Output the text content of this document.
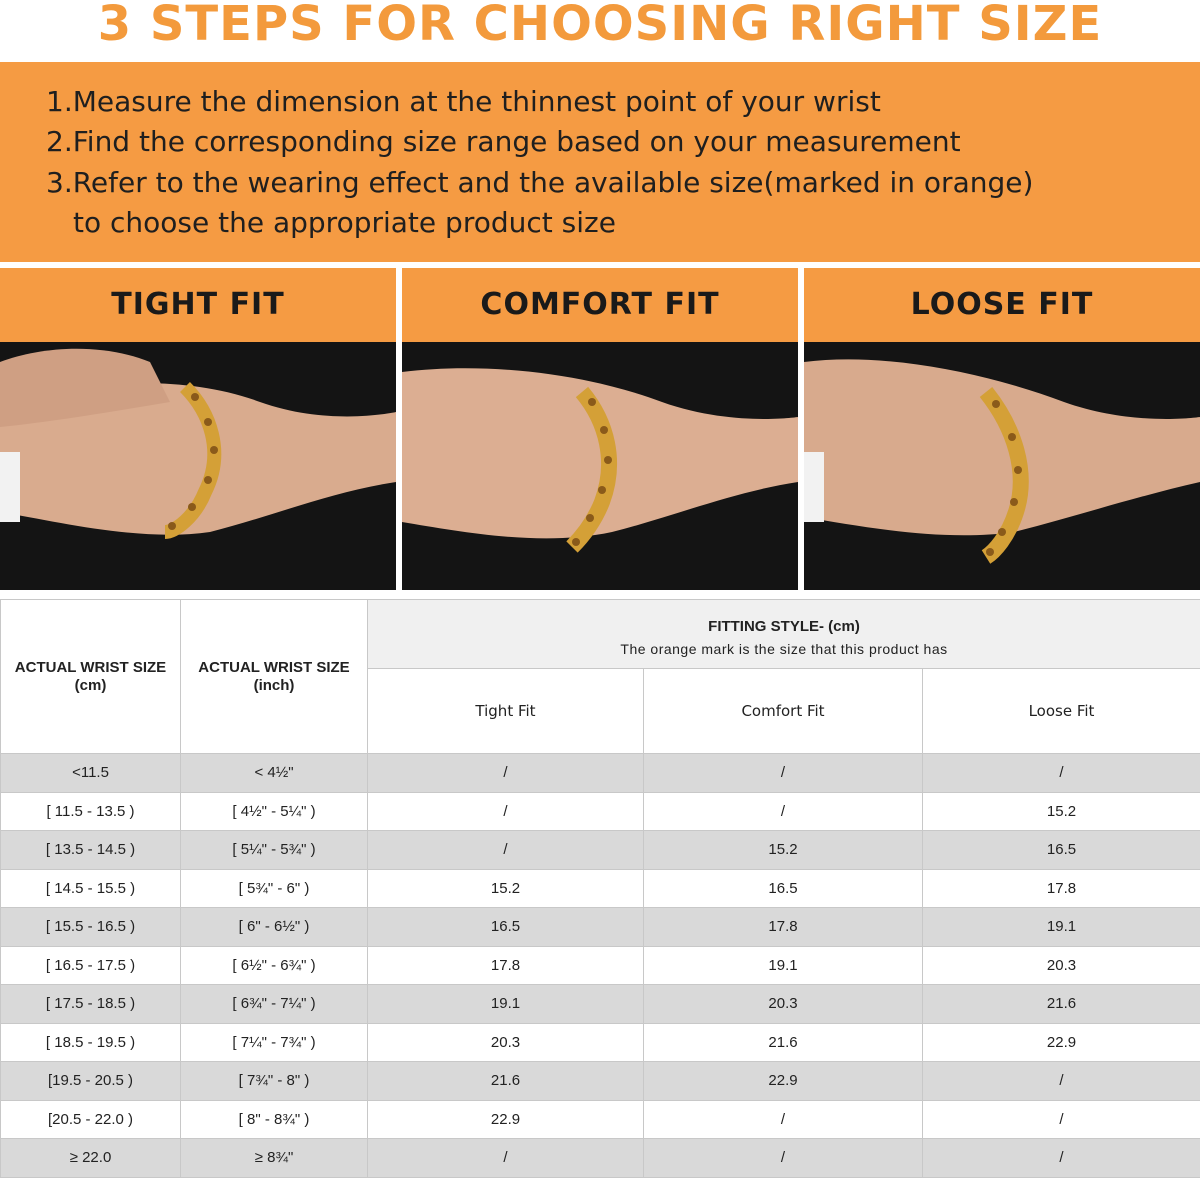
3 STEPS FOR CHOOSING RIGHT SIZE
1.Measure the dimension at the thinnest point of your wrist
2.Find the corresponding size range based on your measurement
3.Refer to the wearing effect and the available size(marked in orange)
to choose the appropriate product size
TIGHT FIT	COMFORT FIT	LOOSE FIT
ACTUAL WRIST SIZE
(cm)	ACTUAL WRIST SIZE
(inch)	FITTING STYLE- (cm)
The orange mark is the size that this product has		

		Tight Fit	Comfort Fit	Loose Fit
<11.5	< 4½"	/	/	/
[ 11.5 - 13.5 )	[ 4½" - 5¼" )	/	/	15.2
[ 13.5 - 14.5 )	[ 5¼" - 5¾" )	/	15.2	16.5
[ 14.5 - 15.5 )	[ 5¾" - 6" )	15.2	16.5	17.8
[ 15.5 - 16.5 )	[ 6" - 6½" )	16.5	17.8	19.1
[ 16.5 - 17.5 )	[ 6½" - 6¾" )	17.8	19.1	20.3
[ 17.5 - 18.5 )	[ 6¾" - 7¼" )	19.1	20.3	21.6
[ 18.5 - 19.5 )	[ 7¼" - 7¾" )	20.3	21.6	22.9
[19.5 - 20.5 )	[ 7¾" - 8" )	21.6	22.9	/
[20.5 - 22.0 )	[ 8" - 8¾" )	22.9	/	/
≥ 22.0	≥ 8¾"	/	/	/
